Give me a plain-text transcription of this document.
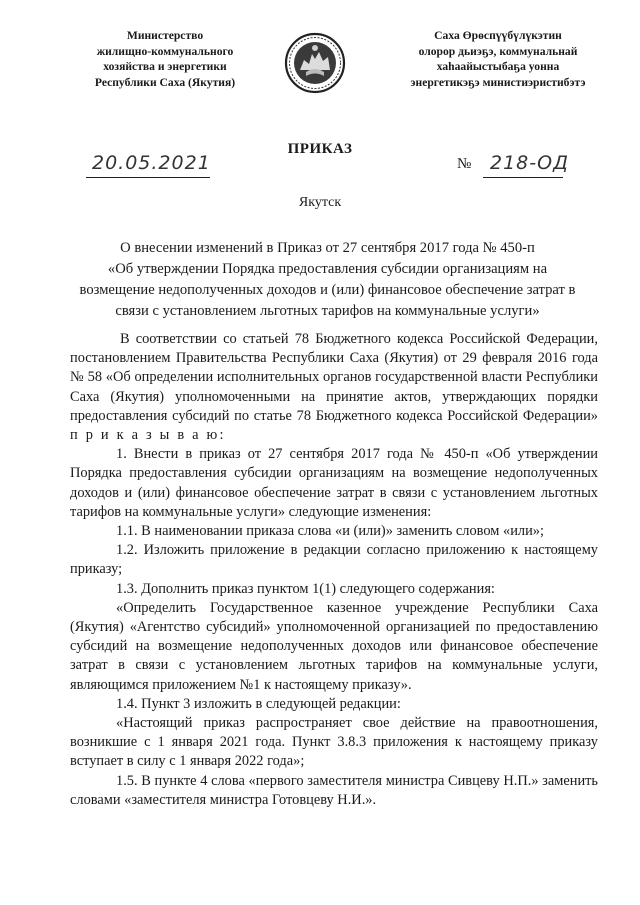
Министерство
жилищно-коммунального
хозяйства и энергетики
Республики Саха (Якутия)
Саха Өрөспүүбүлүкэтин
олорор дьиэҕэ, коммунальнай
хаһаайыстыбаҕа уонна
энергетикэҕэ министиэристибэтэ
ПРИКАЗ
20.05.2021	№ 218-ОД
Якутск
О внесении изменений в Приказ от 27 сентября 2017 года № 450-п
«Об утверждении Порядка предоставления субсидии организациям на
возмещение недополученных доходов и (или) финансовое обеспечение затрат в
связи с установлением льготных тарифов на коммунальные услуги»

В соответствии со статьей 78 Бюджетного кодекса Российской Федерации, постановлением Правительства Республики Саха (Якутия) от 29 февраля 2016 года № 58 «Об определении исполнительных органов государственной власти Республики Саха (Якутия) уполномоченными на принятие актов, утверждающих порядки предоставления субсидий по статье 78 Бюджетного кодекса Российской Федерации» п р и к а з ы в а ю:

1. Внести в приказ от 27 сентября 2017 года № 450-п «Об утверждении Порядка предоставления субсидии организациям на возмещение недополученных доходов и (или) финансовое обеспечение затрат в связи с установлением льготных тарифов на коммунальные услуги» следующие изменения:

1.1. В наименовании приказа слова «и (или)» заменить словом «или»;

1.2. Изложить приложение в редакции согласно приложению к настоящему приказу;

1.3. Дополнить приказ пунктом 1(1) следующего содержания:

«Определить Государственное казенное учреждение Республики Саха (Якутия) «Агентство субсидий» уполномоченной организацией по предоставлению субсидий на возмещение недополученных доходов или финансовое обеспечение затрат в связи с установлением льготных тарифов на коммунальные услуги, являющимся приложением №1 к настоящему приказу».

1.4. Пункт 3 изложить в следующей редакции:

«Настоящий приказ распространяет свое действие на правоотношения, возникшие с 1 января 2021 года. Пункт 3.8.3 приложения к настоящему приказу вступает в силу с 1 января 2022 года»;

1.5. В пункте 4 слова «первого заместителя министра Сивцеву Н.П.» заменить словами «заместителя министра Готовцеву Н.И.».
